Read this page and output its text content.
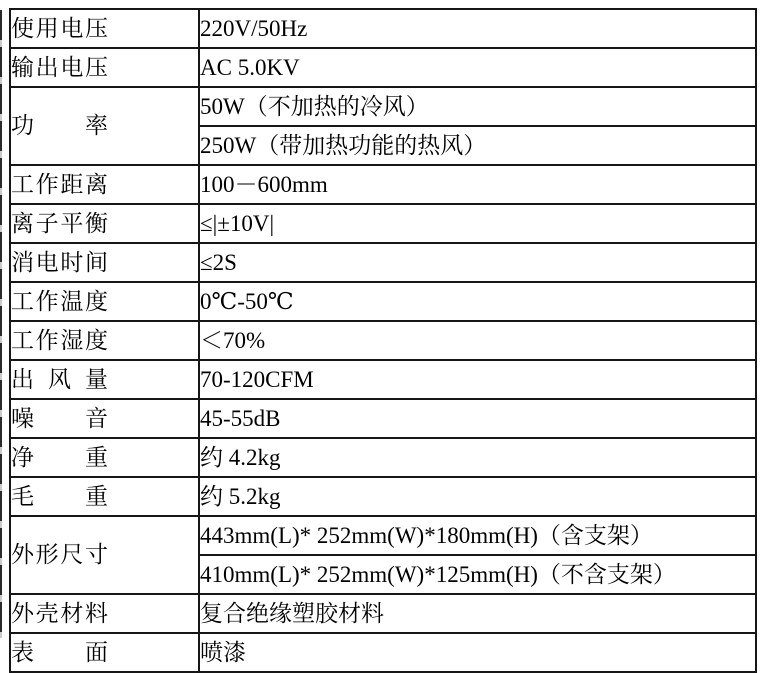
使用电压	220V/50Hz
输出电压	AC 5.0KV
功率	50W（不加热的冷风）
	250W（带加热功能的热风）
工作距离	100－600mm
离子平衡	≤|±10V|
消电时间	≤2S
工作温度	0℃-50℃
工作湿度	＜70%
出风量	70-120CFM
噪音	45-55dB
净重	约 4.2kg
毛重	约 5.2kg
外形尺寸	443mm(L)* 252mm(W)*180mm(H)（含支架）
	410mm(L)* 252mm(W)*125mm(H)（不含支架）
外壳材料	复合绝缘塑胶材料
表面	喷漆
